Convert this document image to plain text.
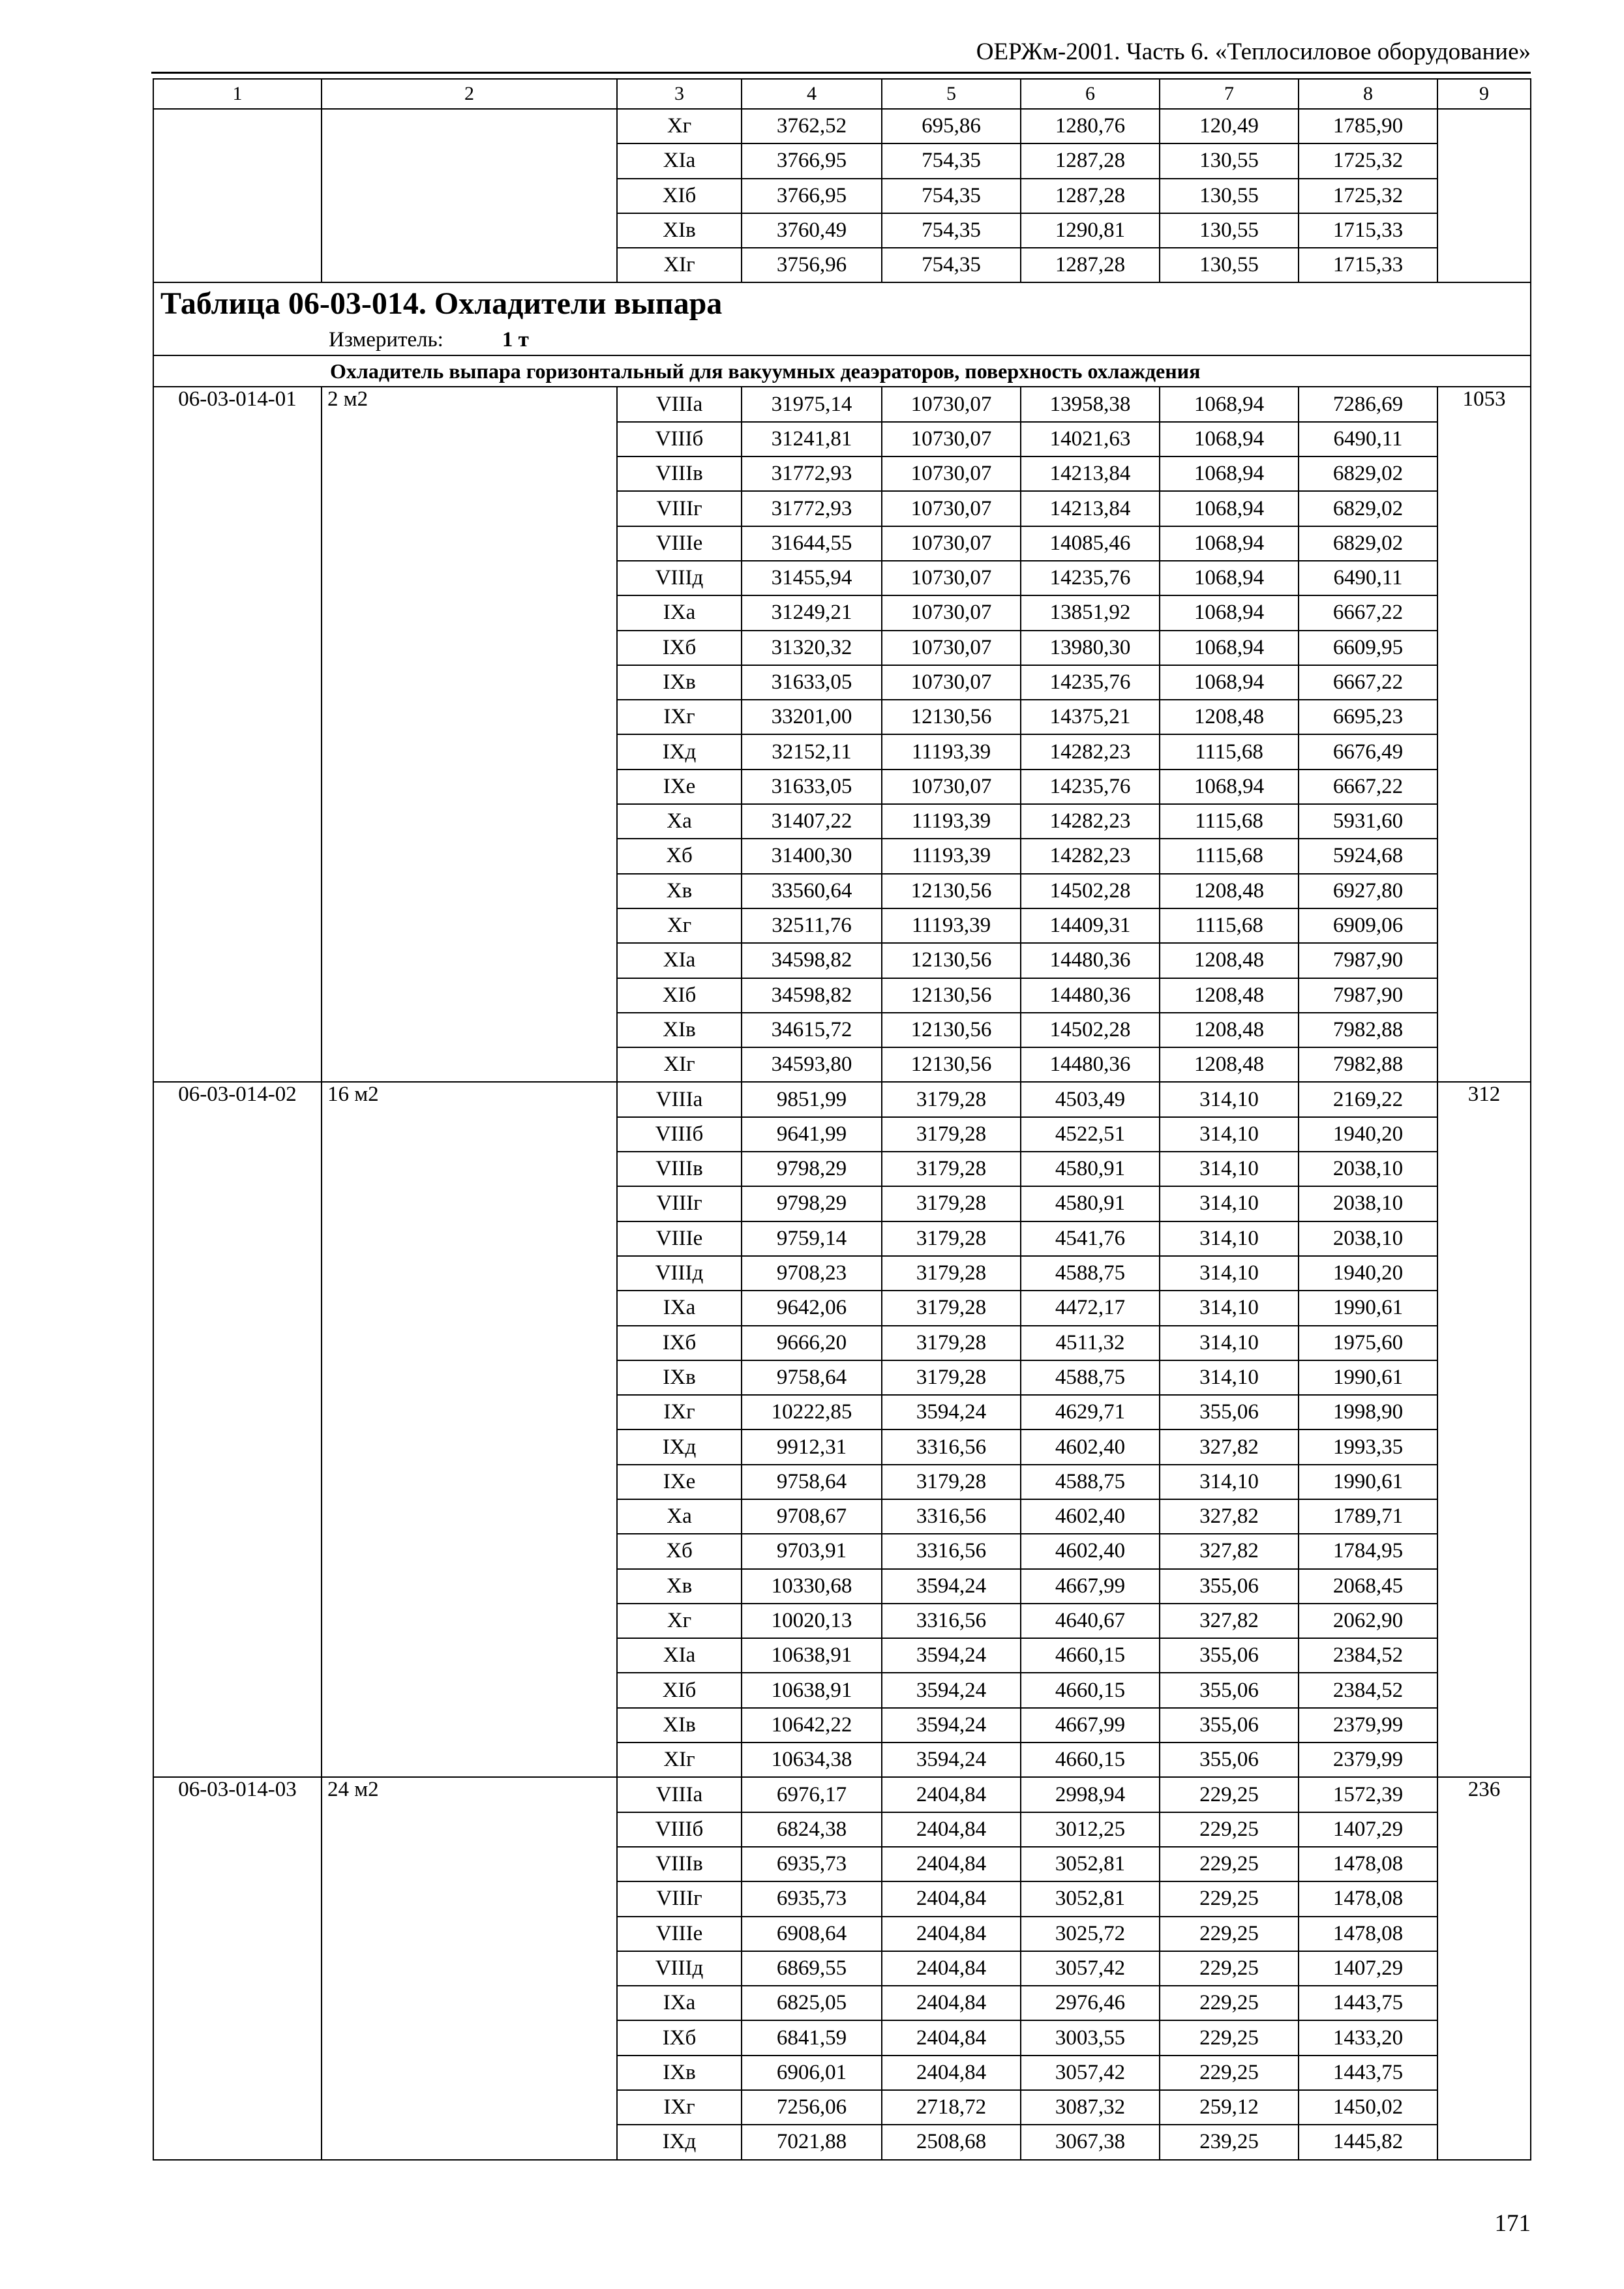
ОЕРЖм-2001. Часть 6. «Теплосиловое оборудование»
1	2	3	4	5	6	7	8	9
		Xг	3762,52	695,86	1280,76	120,49	1785,90	
		XIа	3766,95	754,35	1287,28	130,55	1725,32	
		XIб	3766,95	754,35	1287,28	130,55	1725,32	
		XIв	3760,49	754,35	1290,81	130,55	1715,33	
		XIг	3756,96	754,35	1287,28	130,55	1715,33	

Таблица 06-03-014. Охладители выпара
Измеритель: 1 т								

Охладитель выпара горизонтальный для вакуумных деаэраторов, поверхность охлаждения								
06-03-014-01	2 м2	VIIIа	31975,14	10730,07	13958,38	1068,94	7286,69	1053
		VIIIб	31241,81	10730,07	14021,63	1068,94	6490,11	
		VIIIв	31772,93	10730,07	14213,84	1068,94	6829,02	
		VIIIг	31772,93	10730,07	14213,84	1068,94	6829,02	
		VIIIе	31644,55	10730,07	14085,46	1068,94	6829,02	
		VIIIд	31455,94	10730,07	14235,76	1068,94	6490,11	
		IXа	31249,21	10730,07	13851,92	1068,94	6667,22	
		IXб	31320,32	10730,07	13980,30	1068,94	6609,95	
		IXв	31633,05	10730,07	14235,76	1068,94	6667,22	
		IXг	33201,00	12130,56	14375,21	1208,48	6695,23	
		IXд	32152,11	11193,39	14282,23	1115,68	6676,49	
		IXе	31633,05	10730,07	14235,76	1068,94	6667,22	
		Xа	31407,22	11193,39	14282,23	1115,68	5931,60	
		Xб	31400,30	11193,39	14282,23	1115,68	5924,68	
		Xв	33560,64	12130,56	14502,28	1208,48	6927,80	
		Xг	32511,76	11193,39	14409,31	1115,68	6909,06	
		XIа	34598,82	12130,56	14480,36	1208,48	7987,90	
		XIб	34598,82	12130,56	14480,36	1208,48	7987,90	
		XIв	34615,72	12130,56	14502,28	1208,48	7982,88	
		XIг	34593,80	12130,56	14480,36	1208,48	7982,88	
06-03-014-02	16 м2	VIIIа	9851,99	3179,28	4503,49	314,10	2169,22	312
		VIIIб	9641,99	3179,28	4522,51	314,10	1940,20	
		VIIIв	9798,29	3179,28	4580,91	314,10	2038,10	
		VIIIг	9798,29	3179,28	4580,91	314,10	2038,10	
		VIIIе	9759,14	3179,28	4541,76	314,10	2038,10	
		VIIIд	9708,23	3179,28	4588,75	314,10	1940,20	
		IXа	9642,06	3179,28	4472,17	314,10	1990,61	
		IXб	9666,20	3179,28	4511,32	314,10	1975,60	
		IXв	9758,64	3179,28	4588,75	314,10	1990,61	
		IXг	10222,85	3594,24	4629,71	355,06	1998,90	
		IXд	9912,31	3316,56	4602,40	327,82	1993,35	
		IXе	9758,64	3179,28	4588,75	314,10	1990,61	
		Xа	9708,67	3316,56	4602,40	327,82	1789,71	
		Xб	9703,91	3316,56	4602,40	327,82	1784,95	
		Xв	10330,68	3594,24	4667,99	355,06	2068,45	
		Xг	10020,13	3316,56	4640,67	327,82	2062,90	
		XIа	10638,91	3594,24	4660,15	355,06	2384,52	
		XIб	10638,91	3594,24	4660,15	355,06	2384,52	
		XIв	10642,22	3594,24	4667,99	355,06	2379,99	
		XIг	10634,38	3594,24	4660,15	355,06	2379,99	
06-03-014-03	24 м2	VIIIа	6976,17	2404,84	2998,94	229,25	1572,39	236
		VIIIб	6824,38	2404,84	3012,25	229,25	1407,29	
		VIIIв	6935,73	2404,84	3052,81	229,25	1478,08	
		VIIIг	6935,73	2404,84	3052,81	229,25	1478,08	
		VIIIе	6908,64	2404,84	3025,72	229,25	1478,08	
		VIIIд	6869,55	2404,84	3057,42	229,25	1407,29	
		IXа	6825,05	2404,84	2976,46	229,25	1443,75	
		IXб	6841,59	2404,84	3003,55	229,25	1433,20	
		IXв	6906,01	2404,84	3057,42	229,25	1443,75	
		IXг	7256,06	2718,72	3087,32	259,12	1450,02	
		IXд	7021,88	2508,68	3067,38	239,25	1445,82	
171
